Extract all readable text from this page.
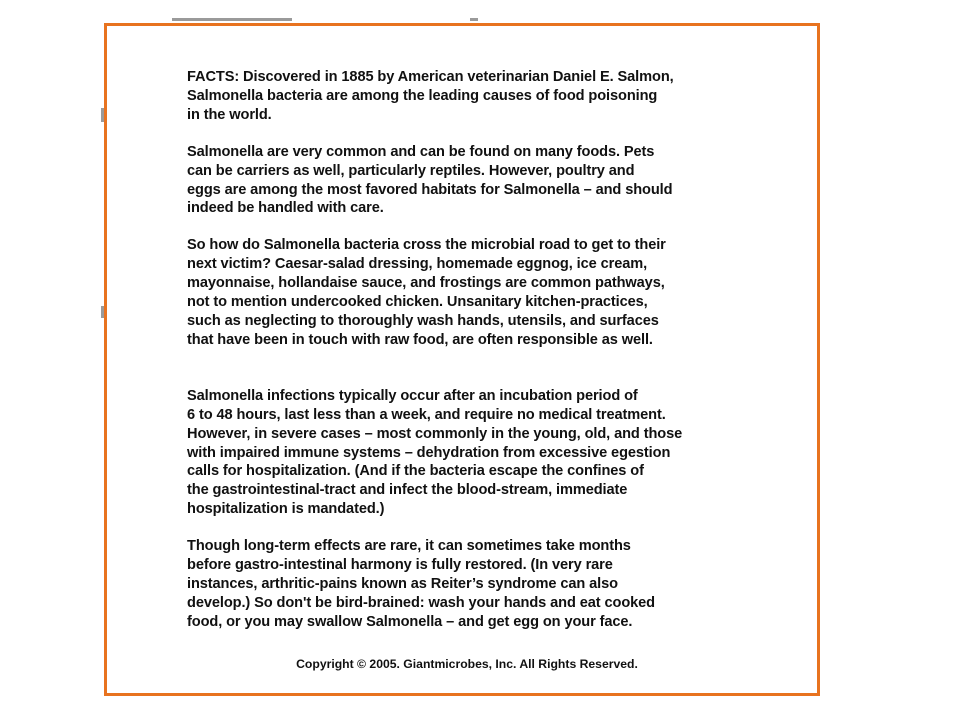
FACTS: Discovered in 1885 by American veterinarian Daniel E. Salmon,
Salmonella bacteria are among the leading causes of food poisoning
in the world.

Salmonella are very common and can be found on many foods. Pets
can be carriers as well, particularly reptiles. However, poultry and
eggs are among the most favored habitats for Salmonella – and should
indeed be handled with care.

So how do Salmonella bacteria cross the microbial road to get to their
next victim? Caesar-salad dressing, homemade eggnog, ice cream,
mayonnaise, hollandaise sauce, and frostings are common pathways,
not to mention undercooked chicken. Unsanitary kitchen-practices,
such as neglecting to thoroughly wash hands, utensils, and surfaces
that have been in touch with raw food, are often responsible as well.

Salmonella infections typically occur after an incubation period of
6 to 48 hours, last less than a week, and require no medical treatment.
However, in severe cases – most commonly in the young, old, and those
with impaired immune systems – dehydration from excessive egestion
calls for hospitalization. (And if the bacteria escape the confines of
the gastrointestinal-tract and infect the blood-stream, immediate
hospitalization is mandated.)

Though long-term effects are rare, it can sometimes take months
before gastro-intestinal harmony is fully restored. (In very rare
instances, arthritic-pains known as Reiter’s syndrome can also
develop.) So don't be bird-brained: wash your hands and eat cooked
food, or you may swallow Salmonella – and get egg on your face.

Copyright © 2005. Giantmicrobes, Inc. All Rights Reserved.
